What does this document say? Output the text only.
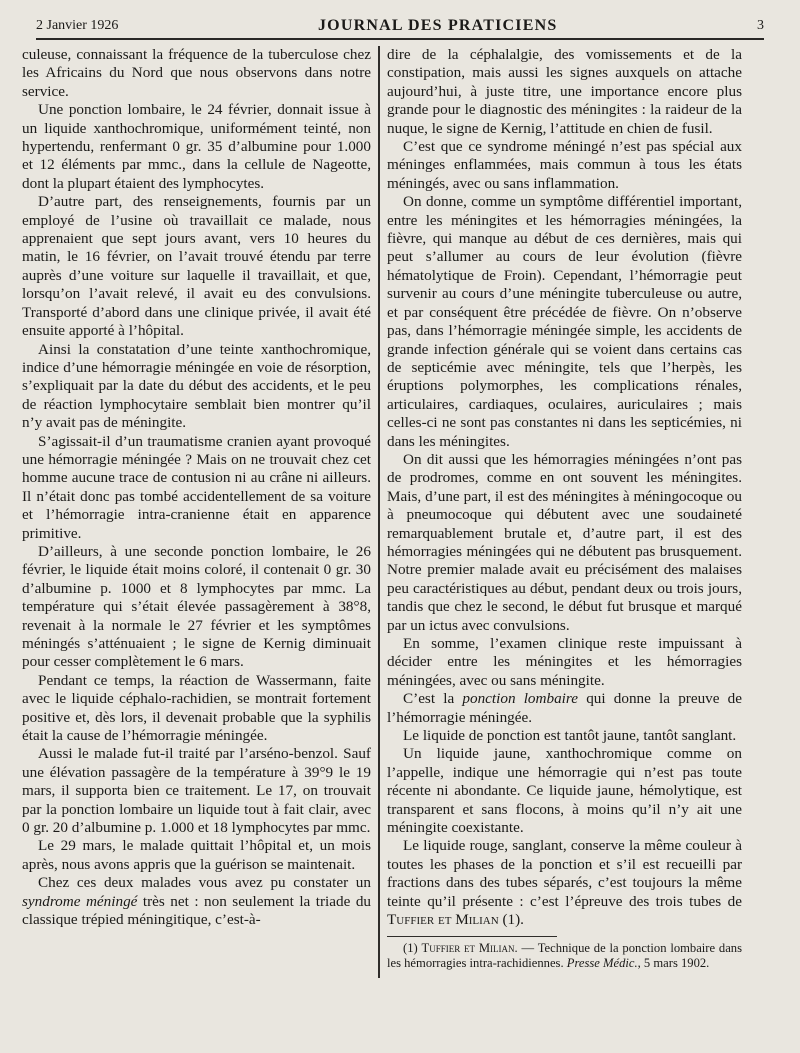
2 Janvier 1926	JOURNAL DES PRATICIENS	3

culeuse, connaissant la fréquence de la tuberculose chez les Africains du Nord que nous observons dans notre service.

Une ponction lombaire, le 24 février, donnait issue à un liquide xanthochromique, uniformément teinté, non hypertendu, renfermant 0 gr. 35 d’albumine pour 1.000 et 12 éléments par mmc., dans la cellule de Nageotte, dont la plupart étaient des lymphocytes.

D’autre part, des renseignements, fournis par un employé de l’usine où travaillait ce malade, nous apprenaient que sept jours avant, vers 10 heures du matin, le 16 février, on l’avait trouvé étendu par terre auprès d’une voiture sur laquelle il travaillait, et que, lorsqu’on l’avait relevé, il avait eu des convulsions. Transporté d’abord dans une clinique privée, il avait été ensuite apporté à l’hôpital.

Ainsi la constatation d’une teinte xanthochromique, indice d’une hémorragie méningée en voie de résorption, s’expliquait par la date du début des accidents, et le peu de réaction lymphocytaire semblait bien montrer qu’il n’y avait pas de méningite.

S’agissait-il d’un traumatisme cranien ayant provoqué une hémorragie méningée ? Mais on ne trouvait chez cet homme aucune trace de contusion ni au crâne ni ailleurs. Il n’était donc pas tombé accidentellement de sa voiture et l’hémorragie intra-cranienne était en apparence primitive.

D’ailleurs, à une seconde ponction lombaire, le 26 février, le liquide était moins coloré, il contenait 0 gr. 30 d’albumine p. 1000 et 8 lymphocytes par mmc. La température qui s’était élevée passagèrement à 38°8, revenait à la normale le 27 février et les symptômes méningés s’atténuaient ; le signe de Kernig diminuait pour cesser complètement le 6 mars.

Pendant ce temps, la réaction de Wassermann, faite avec le liquide céphalo-rachidien, se montrait fortement positive et, dès lors, il devenait probable que la syphilis était la cause de l’hémorragie méningée.

Aussi le malade fut-il traité par l’arséno-benzol. Sauf une élévation passagère de la température à 39°9 le 19 mars, il supporta bien ce traitement. Le 17, on trouvait par la ponction lombaire un liquide tout à fait clair, avec 0 gr. 20 d’albumine p. 1.000 et 18 lymphocytes par mmc.

Le 29 mars, le malade quittait l’hôpital et, un mois après, nous avons appris que la guérison se maintenait.

Chez ces deux malades vous avez pu constater un syndrome méningé très net : non seulement la triade du classique trépied méningitique, c’est-à-

dire de la céphalalgie, des vomissements et de la constipation, mais aussi les signes auxquels on attache aujourd’hui, à juste titre, une importance encore plus grande pour le diagnostic des méningites : la raideur de la nuque, le signe de Kernig, l’attitude en chien de fusil.

C’est que ce syndrome méningé n’est pas spécial aux méninges enflammées, mais commun à tous les états méningés, avec ou sans inflammation.

On donne, comme un symptôme différentiel important, entre les méningites et les hémorragies méningées, la fièvre, qui manque au début de ces dernières, mais qui peut s’allumer au cours de leur évolution (fièvre hématolytique de Froin). Cependant, l’hémorragie peut survenir au cours d’une méningite tuberculeuse ou autre, et par conséquent être précédée de fièvre. On n’observe pas, dans l’hémorragie méningée simple, les accidents de grande infection générale qui se voient dans certains cas de septicémie avec méningite, tels que l’herpès, les éruptions polymorphes, les complications rénales, articulaires, cardiaques, oculaires, auriculaires ; mais celles-ci ne sont pas constantes ni dans les septicémies, ni dans les méningites.

On dit aussi que les hémorragies méningées n’ont pas de prodromes, comme en ont souvent les méningites. Mais, d’une part, il est des méningites à méningocoque ou à pneumocoque qui débutent avec une soudaineté remarquablement brutale et, d’autre part, il est des hémorragies méningées qui ne débutent pas brusquement. Notre premier malade avait eu précisément des malaises peu caractéristiques au début, pendant deux ou trois jours, tandis que chez le second, le début fut brusque et marqué par un ictus avec convulsions.

En somme, l’examen clinique reste impuissant à décider entre les méningites et les hémorragies méningées, avec ou sans méningite.

C’est la ponction lombaire qui donne la preuve de l’hémorragie méningée.

Le liquide de ponction est tantôt jaune, tantôt sanglant.

Un liquide jaune, xanthochromique comme on l’appelle, indique une hémorragie qui n’est pas toute récente ni abondante. Ce liquide jaune, hémolytique, est transparent et sans flocons, à moins qu’il n’y ait une méningite coexistante.

Le liquide rouge, sanglant, conserve la même couleur à toutes les phases de la ponction et s’il est recueilli par fractions dans des tubes séparés, c’est toujours la même teinte qu’il présente : c’est l’épreuve des trois tubes de Tuffier et Milian (1).

(1) Tuffier et Milian. — Technique de la ponction lombaire dans les hémorragies intra-rachidiennes. Presse Médic., 5 mars 1902.
